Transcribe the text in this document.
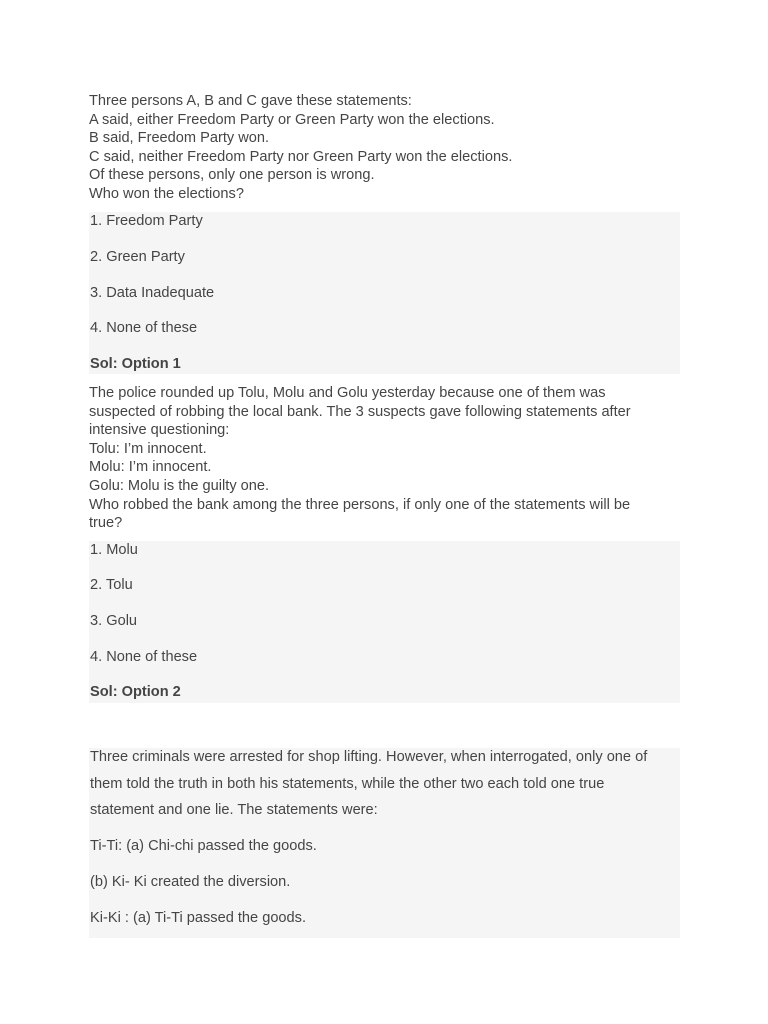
Three persons A, B and C gave these statements:
A said, either Freedom Party or Green Party won the elections.
B said, Freedom Party won.
C said, neither Freedom Party nor Green Party won the elections.
Of these persons, only one person is wrong.
Who won the elections?
1. Freedom Party
2. Green Party
3. Data Inadequate
4. None of these
Sol: Option 1
The police rounded up Tolu, Molu and Golu yesterday because one of them was
suspected of robbing the local bank. The 3 suspects gave following statements after
intensive questioning:
Tolu: I’m innocent.
Molu: I’m innocent.
Golu: Molu is the guilty one.
Who robbed the bank among the three persons, if only one of the statements will be
true?
1. Molu
2. Tolu
3. Golu
4. None of these
Sol: Option 2
Three criminals were arrested for shop lifting. However, when interrogated, only one of
them told the truth in both his statements, while the other two each told one true
statement and one lie. The statements were:
Ti-Ti: (a) Chi-chi passed the goods.
(b) Ki- Ki created the diversion.
Ki-Ki : (a) Ti-Ti passed the goods.
